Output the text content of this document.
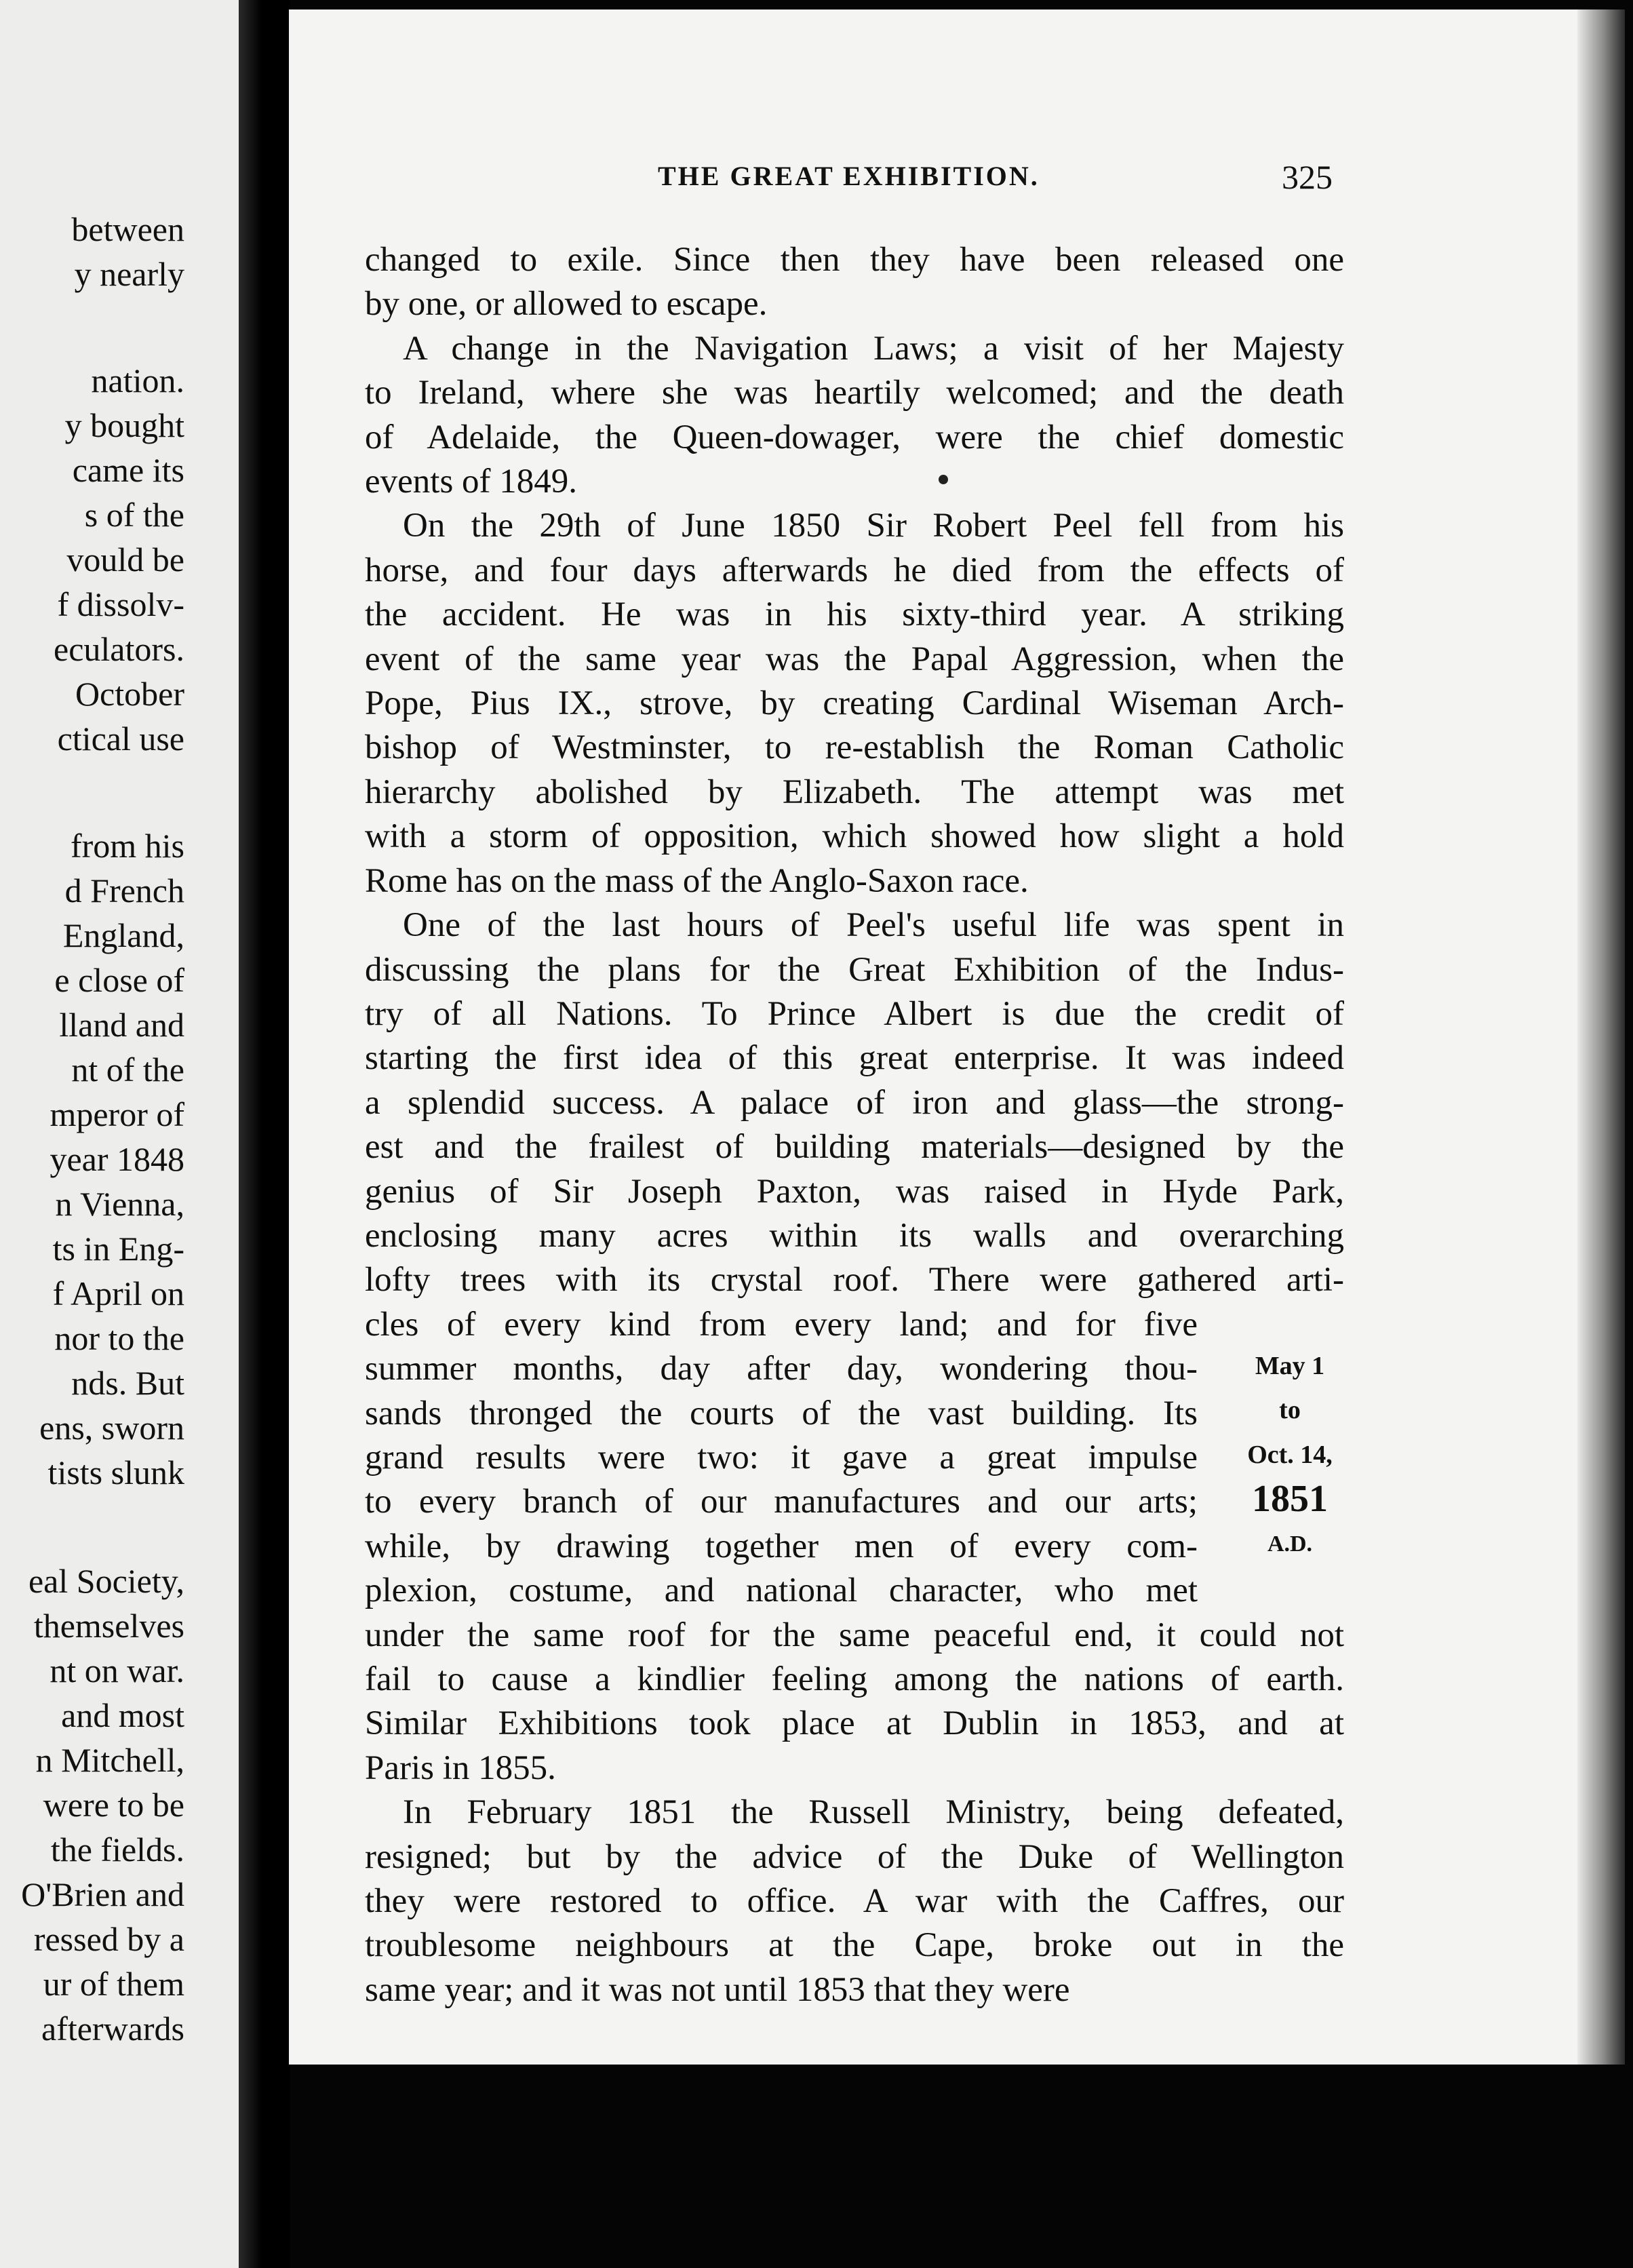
between
y nearly
nation.
y bought
came its
s of the
vould be
f dissolv-
eculators.
October
ctical use
from his
d French
England,
e close of
lland and
nt of the
mperor of
year 1848
n Vienna,
ts in Eng-
f April on
nor to the
nds. But
ens, sworn
tists slunk
eal Society,
themselves
nt on war.
and most
n Mitchell,
were to be
the fields.
O'Brien and
ressed by a
ur of them
afterwards
THE GREAT EXHIBITION.	325

changed to exile. Since then they have been released one
by one, or allowed to escape.

A change in the Navigation Laws; a visit of her Majesty
to Ireland, where she was heartily welcomed; and the death
of Adelaide, the Queen-dowager, were the chief domestic
events of 1849.

On the 29th of June 1850 Sir Robert Peel fell from his
horse, and four days afterwards he died from the effects of
the accident. He was in his sixty-third year. A striking
event of the same year was the Papal Aggression, when the
Pope, Pius IX., strove, by creating Cardinal Wiseman Arch-
bishop of Westminster, to re-establish the Roman Catholic
hierarchy abolished by Elizabeth. The attempt was met
with a storm of opposition, which showed how slight a hold
Rome has on the mass of the Anglo-Saxon race.

One of the last hours of Peel's useful life was spent in
discussing the plans for the Great Exhibition of the Indus-
try of all Nations. To Prince Albert is due the credit of
starting the first idea of this great enterprise. It was indeed
a splendid success. A palace of iron and glass—the strong-
est and the frailest of building materials—designed by the
genius of Sir Joseph Paxton, was raised in Hyde Park,
enclosing many acres within its walls and overarching
lofty trees with its crystal roof. There were gathered arti-
cles of every kind from every land; and for five
summer months, day after day, wondering thou-
sands thronged the courts of the vast building. Its
grand results were two: it gave a great impulse
to every branch of our manufactures and our arts;
while, by drawing together men of every com-
plexion, costume, and national character, who met
under the same roof for the same peaceful end, it could not
fail to cause a kindlier feeling among the nations of earth.
Similar Exhibitions took place at Dublin in 1853, and at
Paris in 1855.

In February 1851 the Russell Ministry, being defeated,
resigned; but by the advice of the Duke of Wellington
they were restored to office. A war with the Caffres, our
troublesome neighbours at the Cape, broke out in the
same year; and it was not until 1853 that they were

May 1
to
Oct. 14,
1851
A.D.
